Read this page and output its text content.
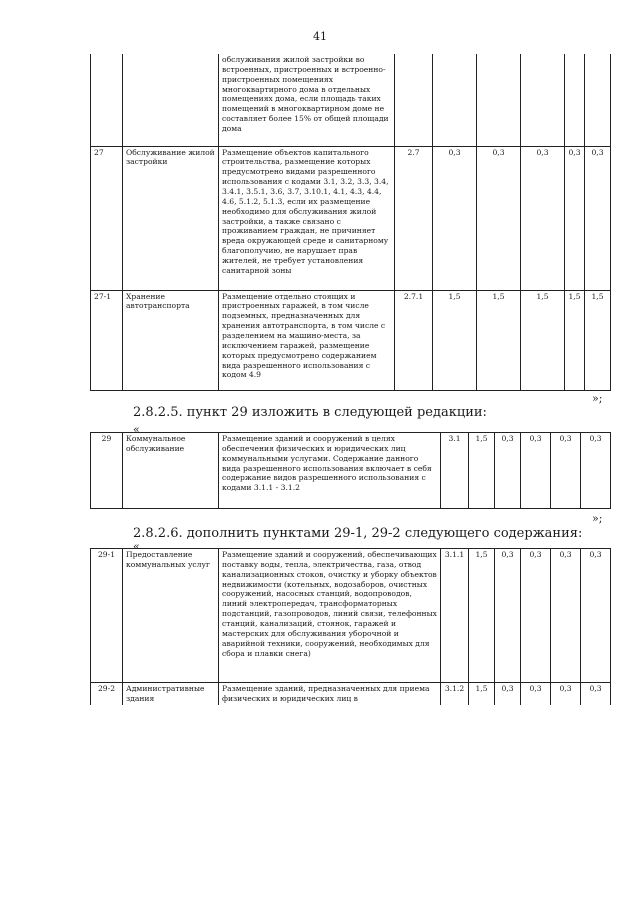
41
		обслуживания жилой застройки во встроенных, пристроенных и встроенно-пристроенных помещениях многоквартирного дома в отдельных помещениях дома, если площадь таких помещений в многоквартирном доме не составляет более 15% от общей площади дома						
27	Обслуживание жилой застройки	Размещение объектов капитального строительства, размещение которых предусмотрено видами разрешенного использования с кодами 3.1, 3.2, 3.3, 3.4, 3.4.1, 3.5.1, 3.6, 3.7, 3.10.1, 4.1, 4.3, 4.4, 4.6, 5.1.2, 5.1.3, если их размещение необходимо для обслуживания жилой застройки, а также связано с проживанием граждан, не причиняет вреда окружающей среде и санитарному благополучию, не нарушает прав жителей, не требует установления санитарной зоны	2.7	0,3	0,3	0,3	0,3	0,3
27-1	Хранение автотранспорта	Размещение отдельно стоящих и пристроенных гаражей, в том числе подземных, предназначенных для хранения автотранспорта, в том числе с разделением на машино-места, за исключением гаражей, размещение которых предусмотрено содержанием вида разрешенного использования с кодом 4.9	2.7.1	1,5	1,5	1,5	1,5	1,5
»;
2.8.2.5. пункт 29 изложить в следующей редакции:
«
29	Коммунальное обслуживание	Размещение зданий и сооружений в целях обеспечения физических и юридических лиц коммунальными услугами. Содержание данного вида разрешенного использования включает в себя содержание видов разрешенного использования с кодами 3.1.1 - 3.1.2	3.1	1,5	0,3	0,3	0,3	0,3
»;
2.8.2.6. дополнить пунктами 29-1, 29-2 следующего содержания:
«
29-1	Предоставление коммунальных услуг	Размещение зданий и сооружений, обеспечивающих поставку воды, тепла, электричества, газа, отвод канализационных стоков, очистку и уборку объектов недвижимости (котельных, водозаборов, очистных сооружений, насосных станций, водопроводов, линий электропередач, трансформаторных подстанций, газопроводов, линий связи, телефонных станций, канализаций, стоянок, гаражей и мастерских для обслуживания уборочной и аварийной техники, сооружений, необходимых для сбора и плавки снега)	3.1.1	1,5	0,3	0,3	0,3	0,3
29-2	Административные здания	Размещение зданий, предназначенных для приема физических и юридических лиц в	3.1.2	1,5	0,3	0,3	0,3	0,3
